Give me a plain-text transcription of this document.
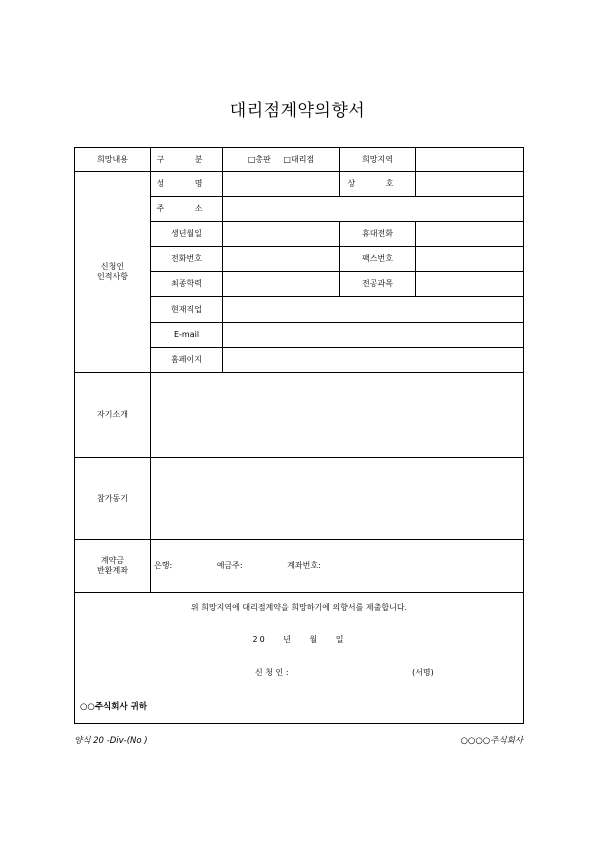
대리점계약의향서
희망내용	구 분	□총판 □대리점	희망지역	

신청인
인적사항	성 명		상 호	
	주 소			
	생년월일		휴대전화	
	전화번호		팩스번호	
	최종학력		전공과목	
	현재직업			
	E-mail			
	홈페이지			
자기소개				
참가동기				

계약금
반환계좌	은행: 예금주: 계좌번호:			

위 희망지역에 대리점계약을 희망하기에 의향서를 제출합니다.
20 년 월 일
신 청 인 : (서명)
○○주식회사 귀하				
양식 20 -Div-(No )	○○○○주식회사
